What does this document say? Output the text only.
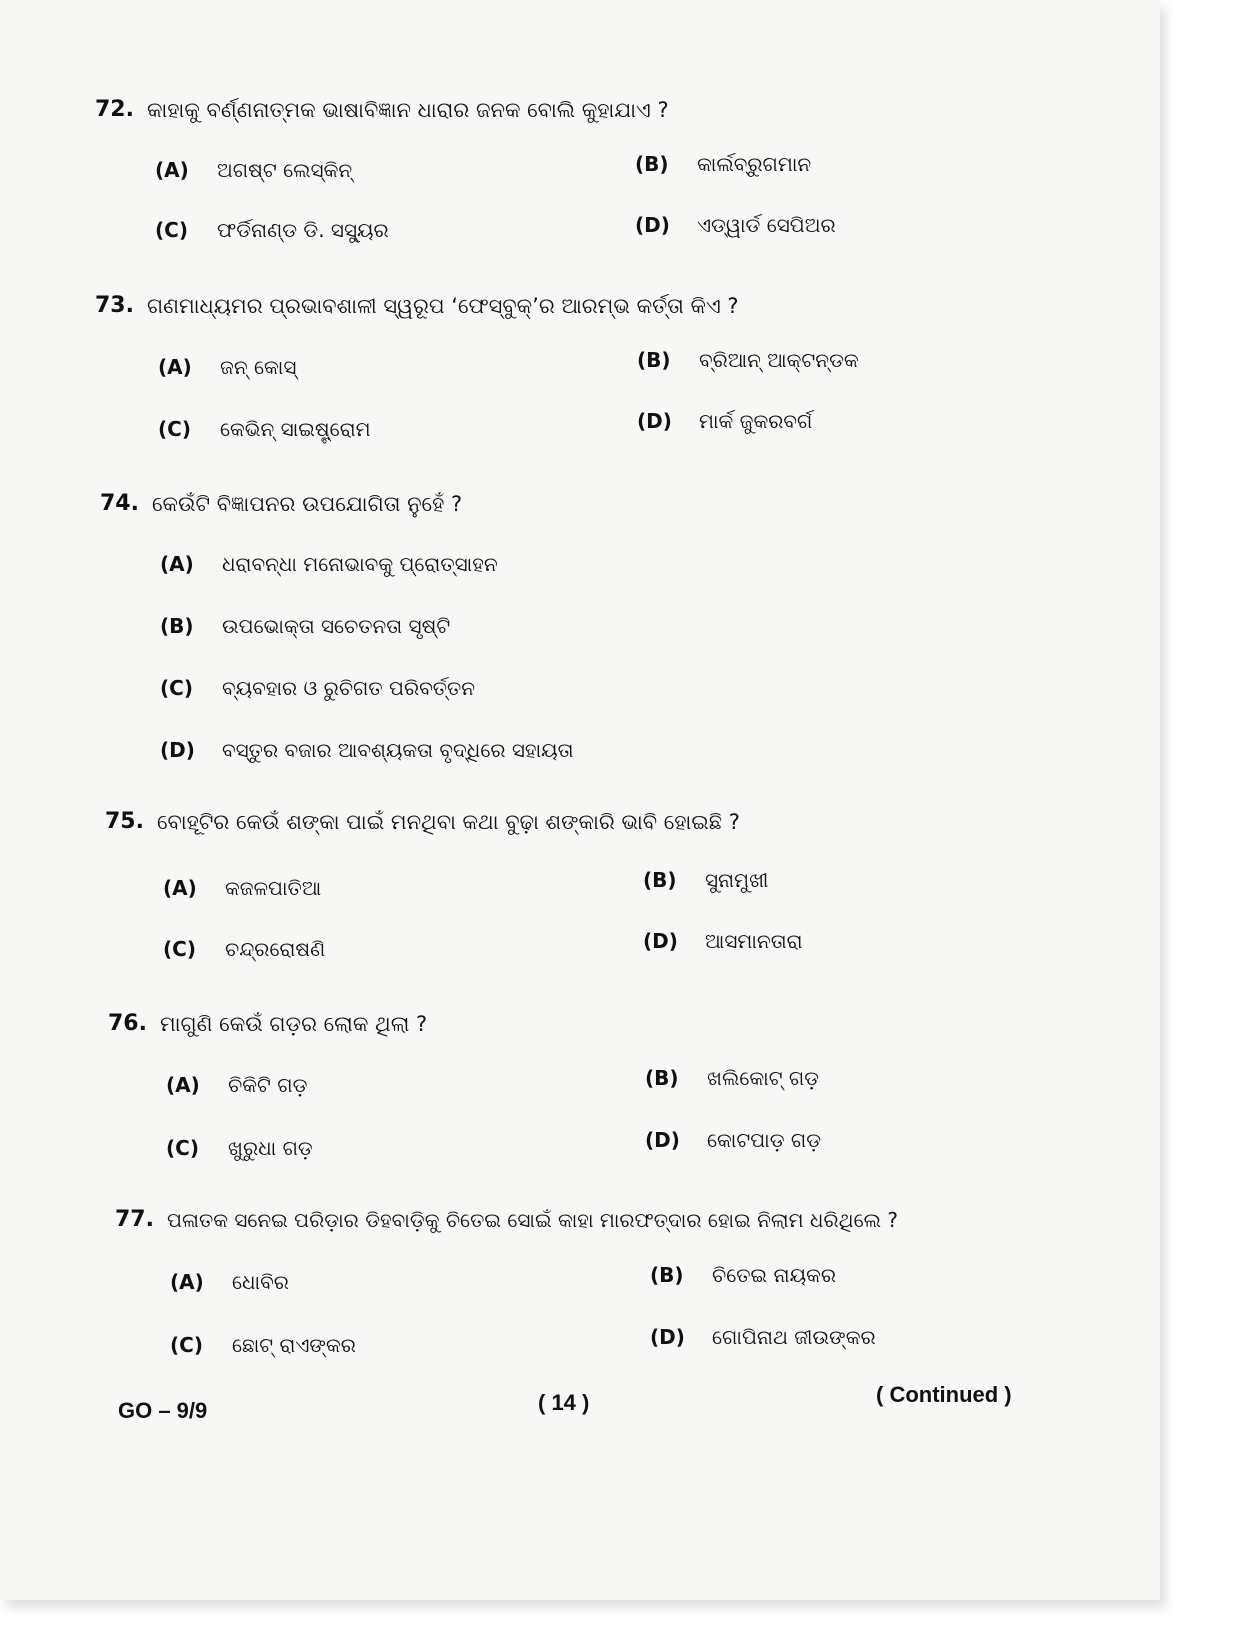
72. କାହାକୁ ବର୍ଣ୍ଣନାତ୍ମକ ଭାଷାବିଜ୍ଞାନ ଧାରାର ଜନକ ବୋଲି କୁହାଯାଏ ?
(A) ଅଗଷ୍ଟ ଲେସ୍କିନ୍	(B) କାର୍ଲବ୍ରୁଗମାନ
(C) ଫର୍ଡିନାଣ୍ଡ ଡି. ସସ୍ୟୁର	(D) ଏଡ୍‌ୱାର୍ଡ ସେପିଅର
73. ଗଣମାଧ୍ୟମର ପ୍ରଭାବଶାଳୀ ସ୍ୱରୂପ ‘ଫେସ୍‌ବୁକ୍’ର ଆରମ୍ଭ କର୍ତ୍ତା କିଏ ?
(A) ଜନ୍ କୋସ୍	(B) ବ୍ରିଆନ୍ ଆକ୍ଟନ୍‌ଡକ
(C) କେଭିନ୍ ସାଇଷ୍ଟ୍ରୋମ	(D) ମାର୍କ ଜୁକରବର୍ଗ
74. କେଉଁଟି ବିଜ୍ଞାପନର ଉପଯୋଗିତା ନୁହେଁ ?
(A) ଧରାବନ୍ଧା ମନୋଭାବକୁ ପ୍ରୋତ୍ସାହନ
(B) ଉପଭୋକ୍ତା ସଚେତନତା ସୃଷ୍ଟି
(C) ବ୍ୟବହାର ଓ ରୁଚିଗତ ପରିବର୍ତ୍ତନ
(D) ବସ୍ତୁର ବଜାର ଆବଶ୍ୟକତା ବୃଦ୍ଧିରେ ସହାୟତା
75. ବୋହୂଟିର କେଉଁ ଶଙ୍କା ପାଇଁ ମନଥିବା କଥା ବୁଢ଼ା ଶଙ୍କାରି ଭାବି ହୋଇଛି ?
(A) କଜଳପାତିଆ	(B) ସୁନାମୁଖୀ
(C) ଚନ୍ଦ୍ରରୋଷଣି	(D) ଆସମାନତାରା
76. ମାଗୁଣି କେଉଁ ଗଡ଼ର ଲୋକ ଥିଲା ?
(A) ଚିକିଟି ଗଡ଼	(B) ଖଲିକୋଟ୍ ଗଡ଼
(C) ଖୁରୁଧା ଗଡ଼	(D) କୋଟପାଡ଼ ଗଡ଼
77. ପଳାତକ ସନେଇ ପରିଡ଼ାର ଡିହବାଡ଼ିକୁ ଚିତେଇ ସୋଇଁ କାହା ମାରଫତ୍‌ଦାର ହୋଇ ନିଲାମ ଧରିଥିଲେ ?
(A) ଧୋବିର	(B) ଚିତେଇ ନାୟକର
(C) ଛୋଟ୍ ରାଏଙ୍କର	(D) ଗୋପିନାଥ ଜୀଉଙ୍କର
GO – 9/9	( 14 )	( Continued )
